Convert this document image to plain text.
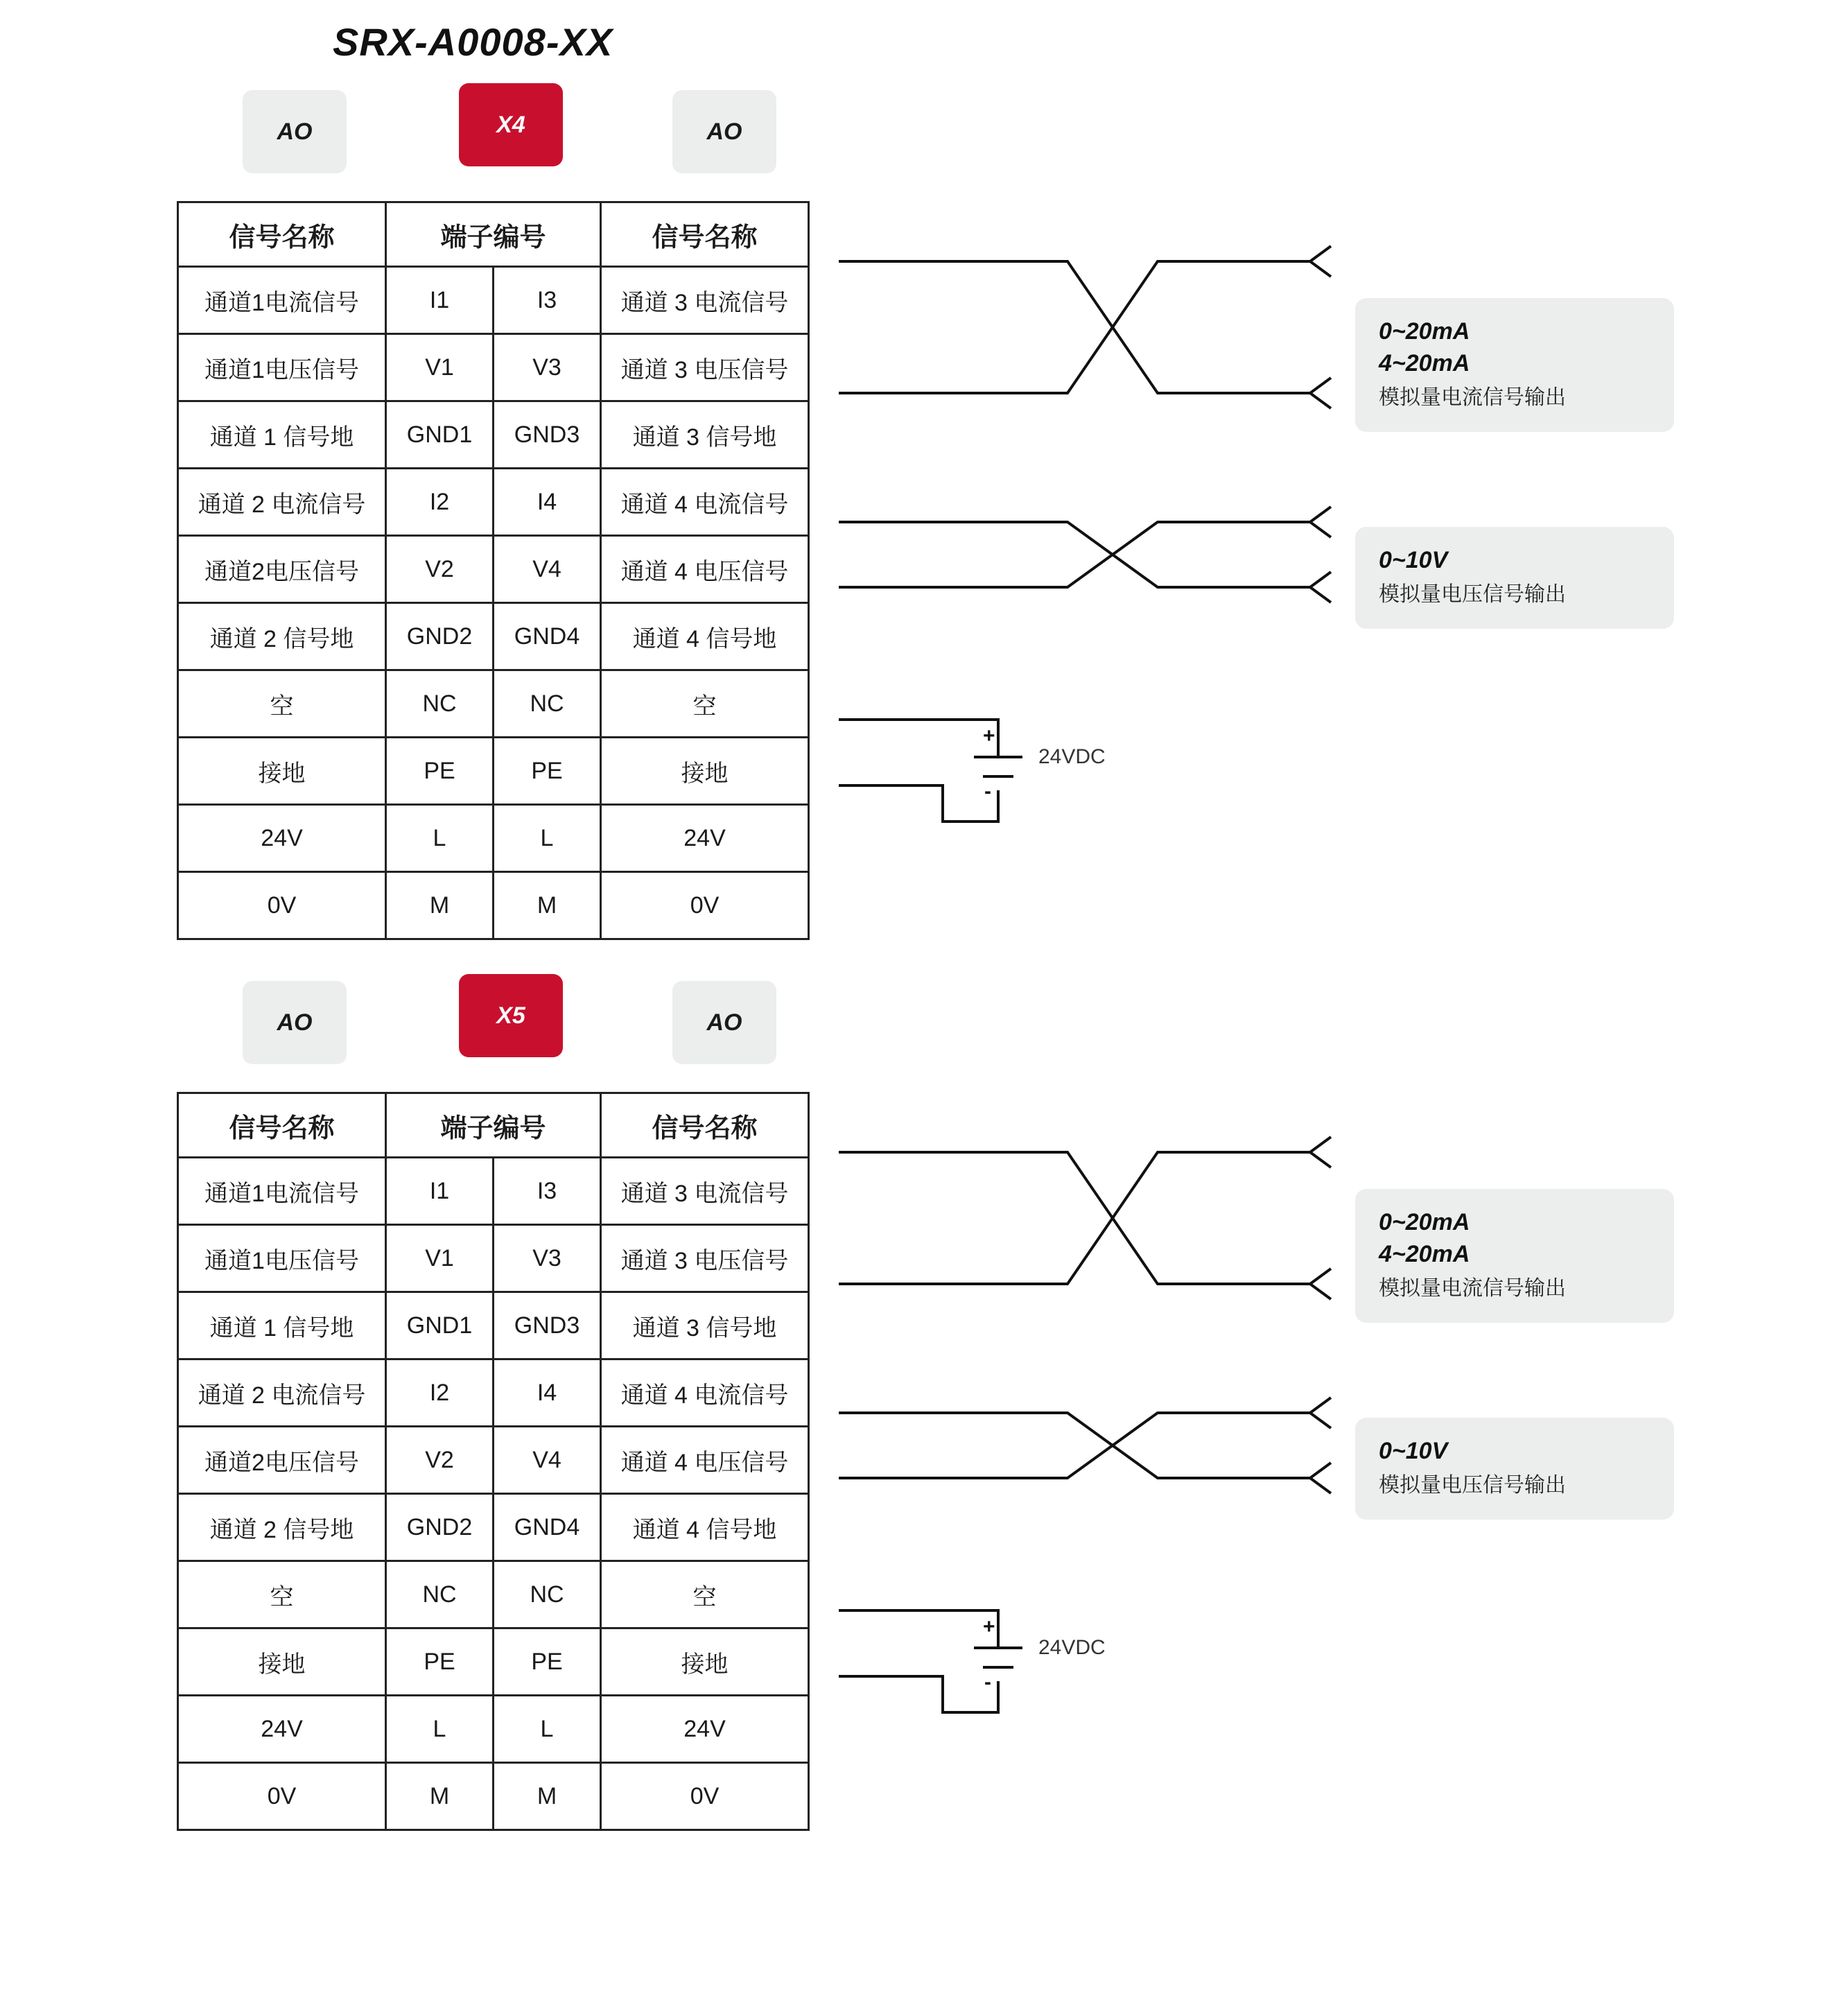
SRX-A0008-XX
AO	X4	AO
信号名称	端子编号		信号名称
通道1电流信号	I1	I3	通道 3 电流信号
通道1电压信号	V1	V3	通道 3 电压信号
通道 1 信号地	GND1	GND3	通道 3 信号地
通道 2 电流信号	I2	I4	通道 4 电流信号
通道2电压信号	V2	V4	通道 4 电压信号
通道 2 信号地	GND2	GND4	通道 4 信号地
空	NC	NC	空
接地	PE	PE	接地
24V	L	L	24V
0V	M	M	0V
+
-
24VDC
0~20mA
4~20mA
模拟量电流信号输出
0~10V
模拟量电压信号输出
AO	X5	AO
信号名称	端子编号		信号名称
通道1电流信号	I1	I3	通道 3 电流信号
通道1电压信号	V1	V3	通道 3 电压信号
通道 1 信号地	GND1	GND3	通道 3 信号地
通道 2 电流信号	I2	I4	通道 4 电流信号
通道2电压信号	V2	V4	通道 4 电压信号
通道 2 信号地	GND2	GND4	通道 4 信号地
空	NC	NC	空
接地	PE	PE	接地
24V	L	L	24V
0V	M	M	0V
+
-
24VDC
0~20mA
4~20mA
模拟量电流信号输出
0~10V
模拟量电压信号输出
